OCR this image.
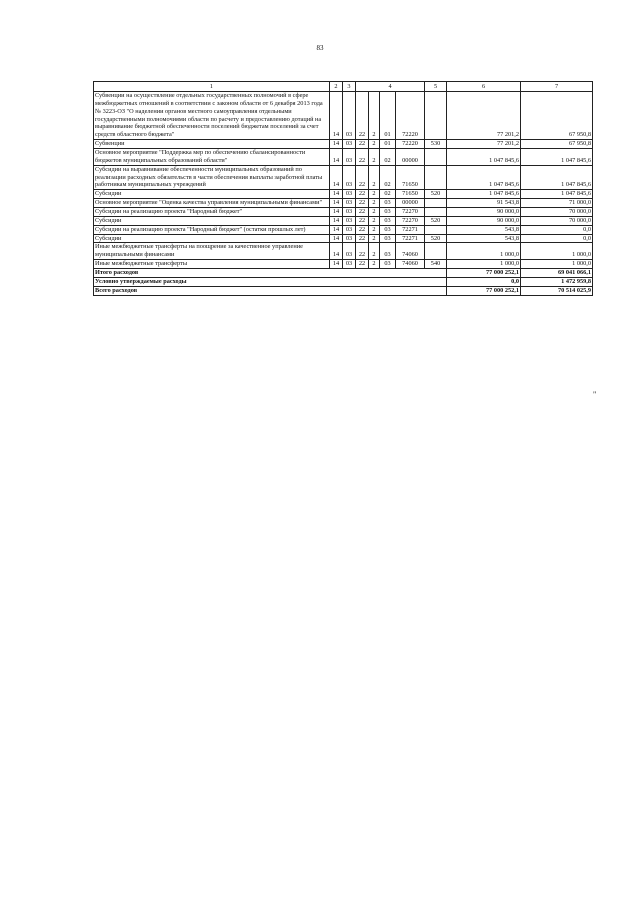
83
1	2	3	4				5	6	7
Субвенции на осуществление отдельных государственных полномочий в сфере межбюджетных отношений в соответствии с законом области от 6 декабря 2013 года № 3223-ОЗ "О наделении органов местного самоуправления отдельными государственными полномочиями области по расчету и предоставлению дотаций на выравнивание бюджетной обеспеченности поселений бюджетам поселений за счет средств областного бюджета"	14	03	22	2	01	72220		77 201,2	67 950,8
Субвенции	14	03	22	2	01	72220	530	77 201,2	67 950,8
Основное мероприятие "Поддержка мер по обеспечению сбалансированности бюджетов муниципальных образований области"	14	03	22	2	02	00000		1 047 845,6	1 047 845,6
Субсидии на выравнивание обеспеченности муниципальных образований по реализации расходных обязательств в части обеспечения выплаты заработной платы работникам муниципальных учреждений	14	03	22	2	02	71650		1 047 845,6	1 047 845,6
Субсидии	14	03	22	2	02	71650	520	1 047 845,6	1 047 845,6
Основное мероприятие "Оценка качества управления муниципальными финансами"	14	03	22	2	03	00000		91 543,8	71 000,0
Субсидии на реализацию проекта "Народный бюджет"	14	03	22	2	03	72270		90 000,0	70 000,0
Субсидии	14	03	22	2	03	72270	520	90 000,0	70 000,0
Субсидии на реализацию проекта "Народный бюджет" (остатки прошлых лет)	14	03	22	2	03	72271		543,8	0,0
Субсидии	14	03	22	2	03	72271	520	543,8	0,0
Иные межбюджетные трансферты на поощрение за качественное управление муниципальными финансами	14	03	22	2	03	74060		1 000,0	1 000,0
Иные межбюджетные трансферты	14	03	22	2	03	74060	540	1 000,0	1 000,0
Итого расходов								77 000 252,1	69 041 066,1
Условно утверждаемые расходы								0,0	1 472 959,8
Всего расходов								77 000 252,1	70 514 025,9
"
